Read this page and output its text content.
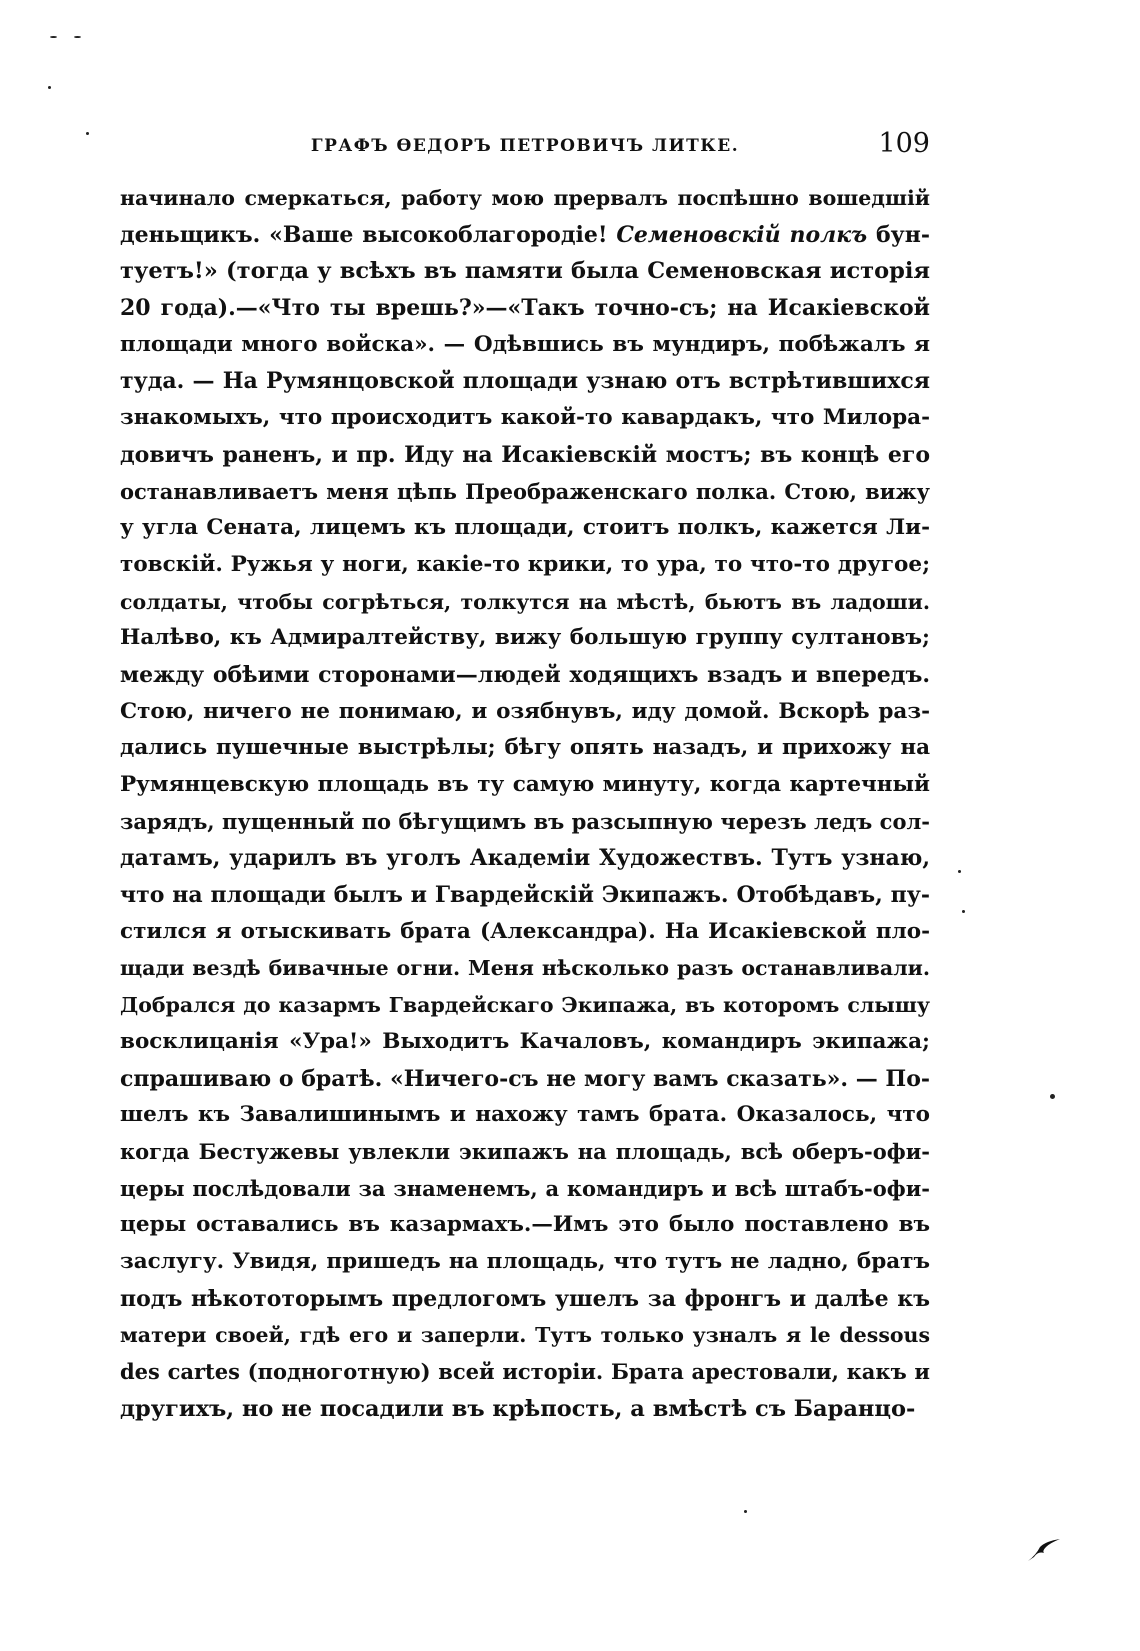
ГРАФЪ ѲЕДОРЪ ПЕТРОВИЧЪ ЛИТКЕ.	109
начинало смеркаться, работу мою прервалъ поспѣшно вошедшій
деньщикъ. «Ваше высокоблагородіе! Семеновскій полкъ бун-
туетъ!» (тогда у всѣхъ въ памяти была Семеновская исторія
20 года).—«Что ты врешь?»—«Такъ точно-съ; на Исакіевской
площади много войска». — Одѣвшись въ мундиръ, побѣжалъ я
туда. — На Румянцовской площади узнаю отъ встрѣтившихся
знакомыхъ, что происходитъ какой-то кавардакъ, что Милора-
довичъ раненъ, и пр. Иду на Исакіевскій мостъ; въ концѣ его
останавливаетъ меня цѣпь Преображенскаго полка. Стою, вижу
у угла Сената, лицемъ къ площади, стоитъ полкъ, кажется Ли-
товскій. Ружья у ноги, какіе-то крики, то ура, то что-то другое;
солдаты, чтобы согрѣться, толкутся на мѣстѣ, бьютъ въ ладоши.
Налѣво, къ Адмиралтейству, вижу большую группу султановъ;
между обѣими сторонами—людей ходящихъ взадъ и впередъ.
Стою, ничего не понимаю, и озябнувъ, иду домой. Вскорѣ раз-
дались пушечные выстрѣлы; бѣгу опять назадъ, и прихожу на
Румянцевскую площадь въ ту самую минуту, когда картечный
зарядъ, пущенный по бѣгущимъ въ разсыпную черезъ ледъ сол-
датамъ, ударилъ въ уголъ Академіи Художествъ. Тутъ узнаю,
что на площади былъ и Гвардейскій Экипажъ. Отобѣдавъ, пу-
стился я отыскивать брата (Александра). На Исакіевской пло-
щади вездѣ бивачные огни. Меня нѣсколько разъ останавливали.
Добрался до казармъ Гвардейскаго Экипажа, въ которомъ слышу
восклицанія «Ура!» Выходитъ Качаловъ, командиръ экипажа;
спрашиваю о братѣ. «Ничего-съ не могу вамъ сказать». — По-
шелъ къ Завалишинымъ и нахожу тамъ брата. Оказалось, что
когда Бестужевы увлекли экипажъ на площадь, всѣ оберъ-офи-
церы послѣдовали за знаменемъ, а командиръ и всѣ штабъ-офи-
церы оставались въ казармахъ.—Имъ это было поставлено въ
заслугу. Увидя, пришедъ на площадь, что тутъ не ладно, братъ
подъ нѣкототорымъ предлогомъ ушелъ за фронгъ и далѣе къ
матери своей, гдѣ его и заперли. Тутъ только узналъ я le dessous
des cartes (подноготную) всей исторіи. Брата арестовали, какъ и
другихъ, но не посадили въ крѣпость, а вмѣстѣ съ Баранцо-
